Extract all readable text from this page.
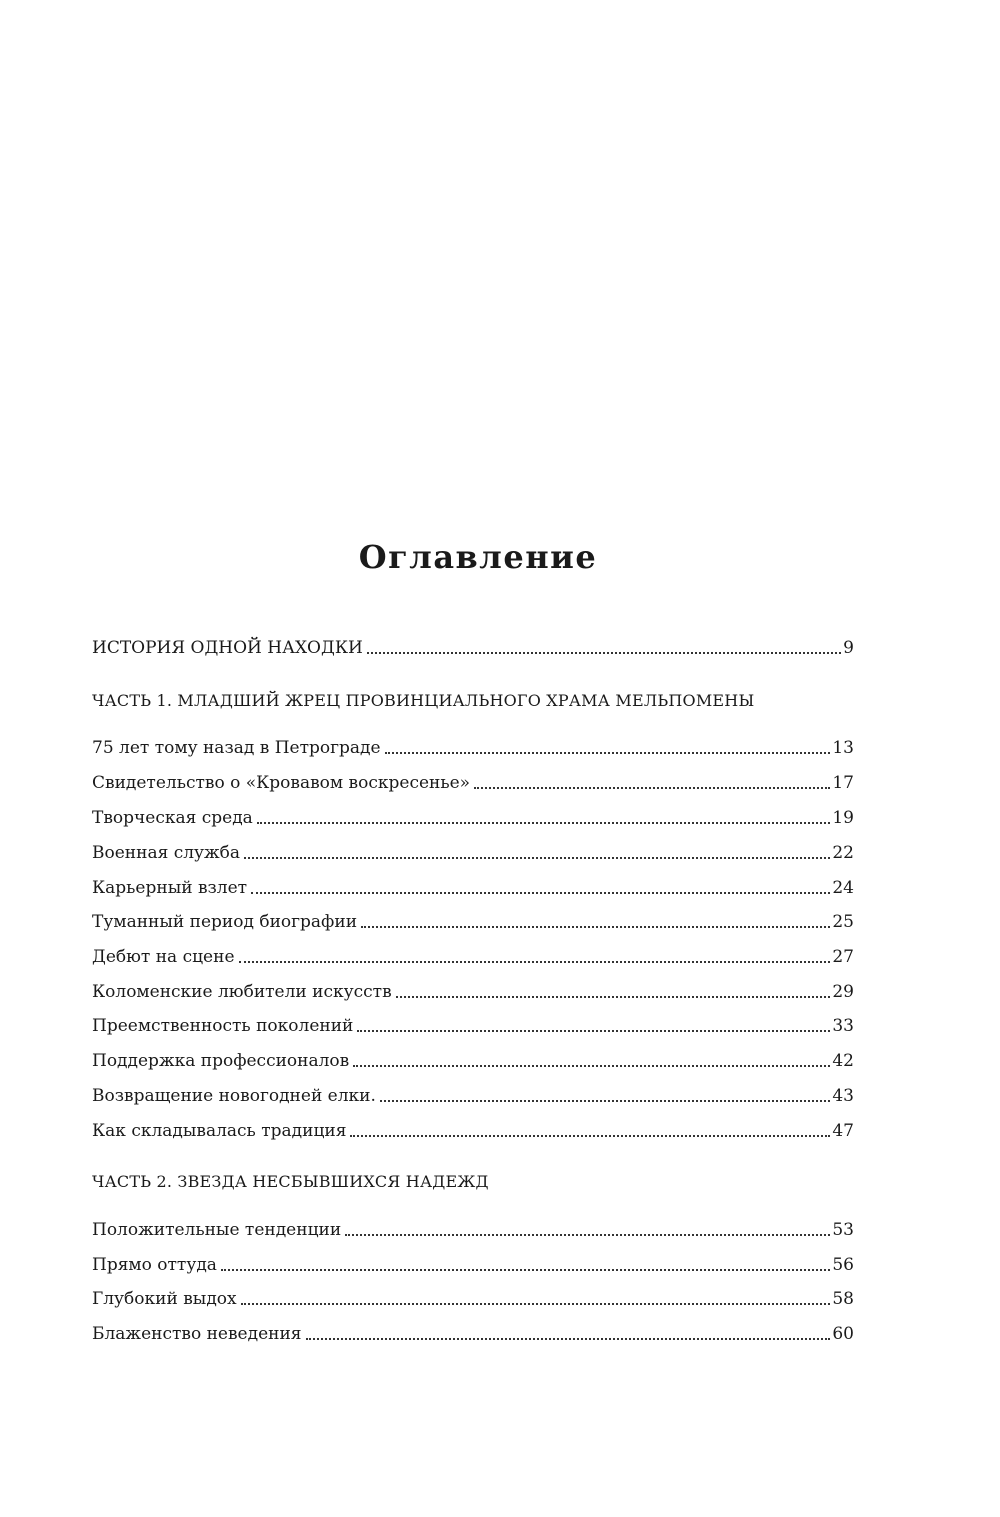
Оглавление
ИСТОРИЯ ОДНОЙ НАХОДКИ	9
ЧАСТЬ 1. МЛАДШИЙ ЖРЕЦ ПРОВИНЦИАЛЬНОГО ХРАМА МЕЛЬПОМЕНЫ
75 лет тому назад в Петрограде	13
Свидетельство о «Кровавом воскресенье»	17
Творческая среда	19
Военная служба	22
Карьерный взлет	24
Туманный период биографии	25
Дебют на сцене	27
Коломенские любители искусств	29
Преемственность поколений	33
Поддержка профессионалов	42
Возвращение новогодней елки.	43
Как складывалась традиция	47
ЧАСТЬ 2. ЗВЕЗДА НЕСБЫВШИХСЯ НАДЕЖД
Положительные тенденции	53
Прямо оттуда	56
Глубокий выдох	58
Блаженство неведения	60
